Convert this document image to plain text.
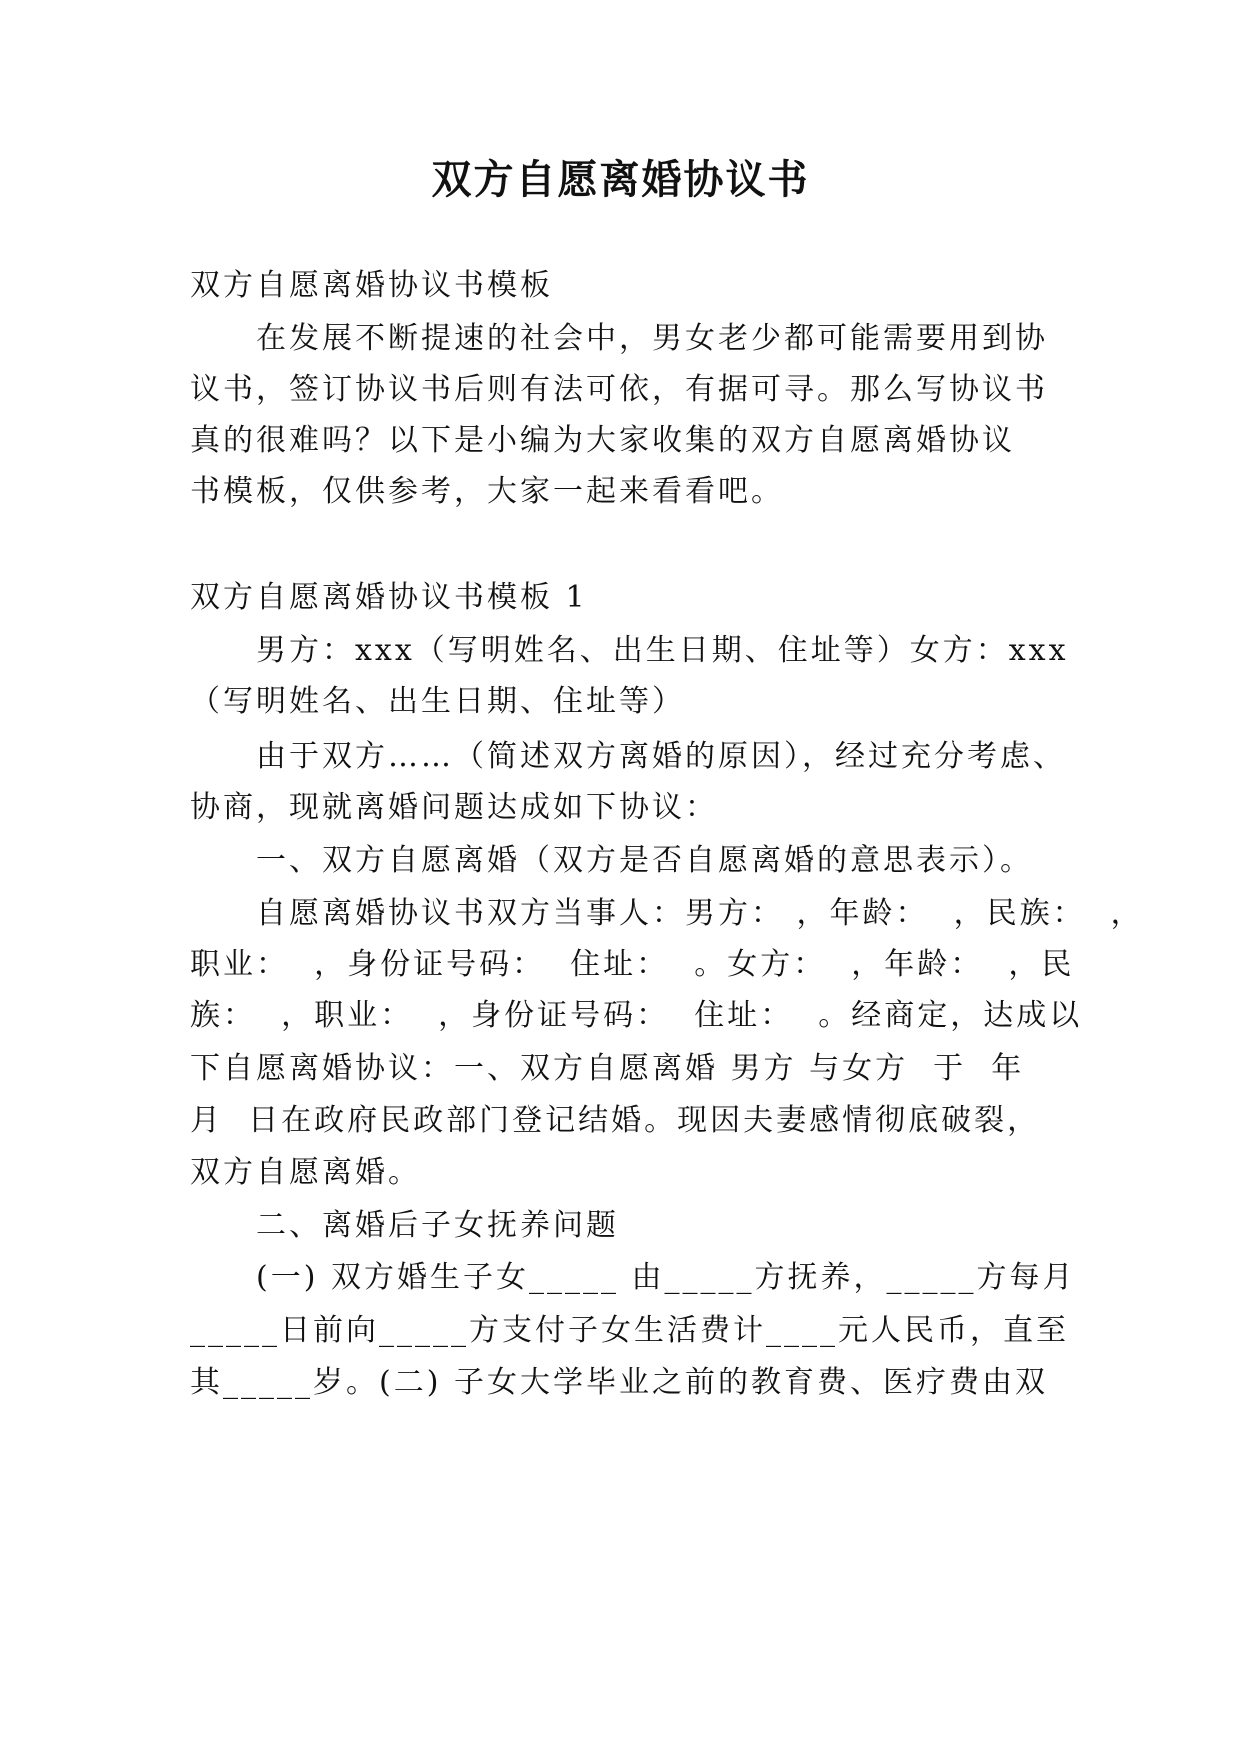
双方自愿离婚协议书

双方自愿离婚协议书模板

在发展不断提速的社会中，男女老少都可能需要用到协

议书，签订协议书后则有法可依，有据可寻。那么写协议书

真的很难吗？以下是小编为大家收集的双方自愿离婚协议

书模板，仅供参考，大家一起来看看吧。

双方自愿离婚协议书模板 1

男方：xxx（写明姓名、出生日期、住址等）女方：xxx

（写明姓名、出生日期、住址等）

由于双方……（简述双方离婚的原因），经过充分考虑、

协商，现就离婚问题达成如下协议：

一、双方自愿离婚（双方是否自愿离婚的意思表示）。

自愿离婚协议书双方当事人：男方： ，年龄：  ，民族：  ，

职业：  ，身份证号码：  住址：  。女方：  ，年龄：  ，民

族：  ，职业：  ，身份证号码：  住址：  。经商定，达成以

下自愿离婚协议：一、双方自愿离婚 男方 与女方  于  年

月  日在政府民政部门登记结婚。现因夫妻感情彻底破裂，

双方自愿离婚。

二、离婚后子女抚养问题

(一) 双方婚生子女_____ 由_____方抚养，_____方每月

_____日前向_____方支付子女生活费计____元人民币，直至

其_____岁。(二) 子女大学毕业之前的教育费、医疗费由双
